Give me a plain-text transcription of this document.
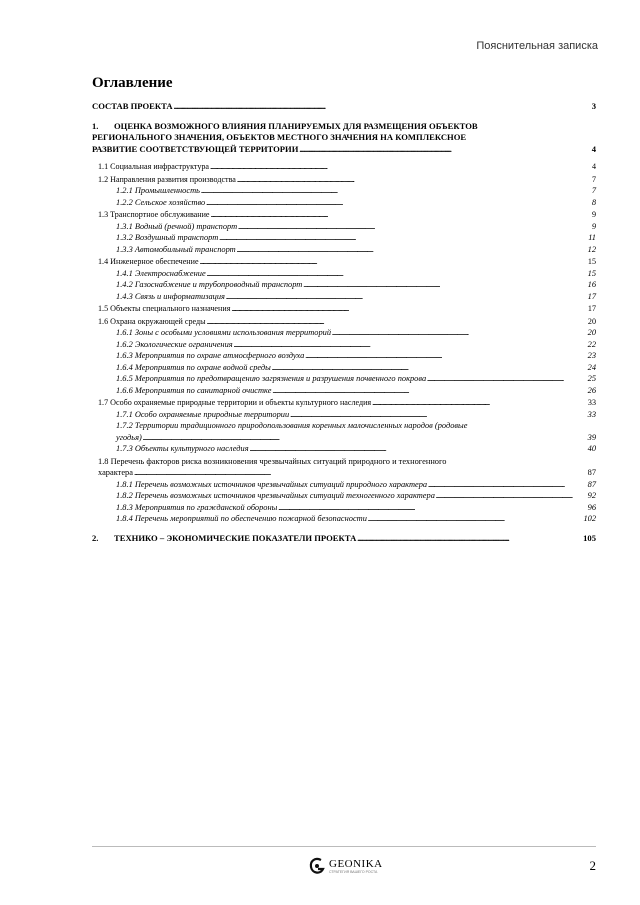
Пояснительная записка
Оглавление
СОСТАВ ПРОЕКТА . . .	3
1. ОЦЕНКА ВОЗМОЖНОГО ВЛИЯНИЯ ПЛАНИРУЕМЫХ ДЛЯ РАЗМЕЩЕНИЯ ОБЪЕКТОВ
РЕГИОНАЛЬНОГО ЗНАЧЕНИЯ, ОБЪЕКТОВ МЕСТНОГО ЗНАЧЕНИЯ НА КОМПЛЕКСНОЕ
РАЗВИТИЕ СООТВЕТСТВУЮЩЕЙ ТЕРРИТОРИИ . . .	4
1.1 Социальная инфраструктура . . .	4
1.2 Направления развития производства . . .	7
1.2.1 Промышленность . . .	7
1.2.2 Сельское хозяйство . . .	8
1.3 Транспортное обслуживание . . .	9
1.3.1 Водный (речной) транспорт . . .	9
1.3.2 Воздушный транспорт . . .	11
1.3.3 Автомобильный транспорт . . .	12
1.4 Инженерное обеспечение . . .	15
1.4.1 Электроснабжение . . .	15
1.4.2 Газоснабжение и трубопроводный транспорт . . .	16
1.4.3 Связь и информатизация . . .	17
1.5 Объекты специального назначения . . .	17
1.6 Охрана окружающей среды . . .	20
1.6.1 Зоны с особыми условиями использования территорий . . .	20
1.6.2 Экологические ограничения . . .	22
1.6.3 Мероприятия по охране атмосферного воздуха . . .	23
1.6.4 Мероприятия по охране водной среды . . .	24
1.6.5 Мероприятия по предотвращению загрязнения и разрушения почвенного покрова . . .	25
1.6.6 Мероприятия по санитарной очистке . . .	26
1.7 Особо охраняемые природные территории и объекты культурного наследия . . .	33
1.7.1 Особо охраняемые природные территории . . .	33
1.7.2 Территории традиционного природопользования коренных малочисленных народов (родовые
угодья) . . .	39
1.7.3 Объекты культурного наследия . . .	40
1.8 Перечень факторов риска возникновения чрезвычайных ситуаций природного и техногенного
характера . . .	87
1.8.1 Перечень возможных источников чрезвычайных ситуаций природного характера . . .	87
1.8.2 Перечень возможных источников чрезвычайных ситуаций техногенного характера . . .	92
1.8.3 Мероприятия по гражданской обороны . . .	96
1.8.4 Перечень мероприятий по обеспечению пожарной безопасности . . .	102
2. ТЕХНИКО – ЭКОНОМИЧЕСКИЕ ПОКАЗАТЕЛИ ПРОЕКТА . . .	105
GEONIKA
СТРАТЕГИЯ ВАШЕГО РОСТА	2
